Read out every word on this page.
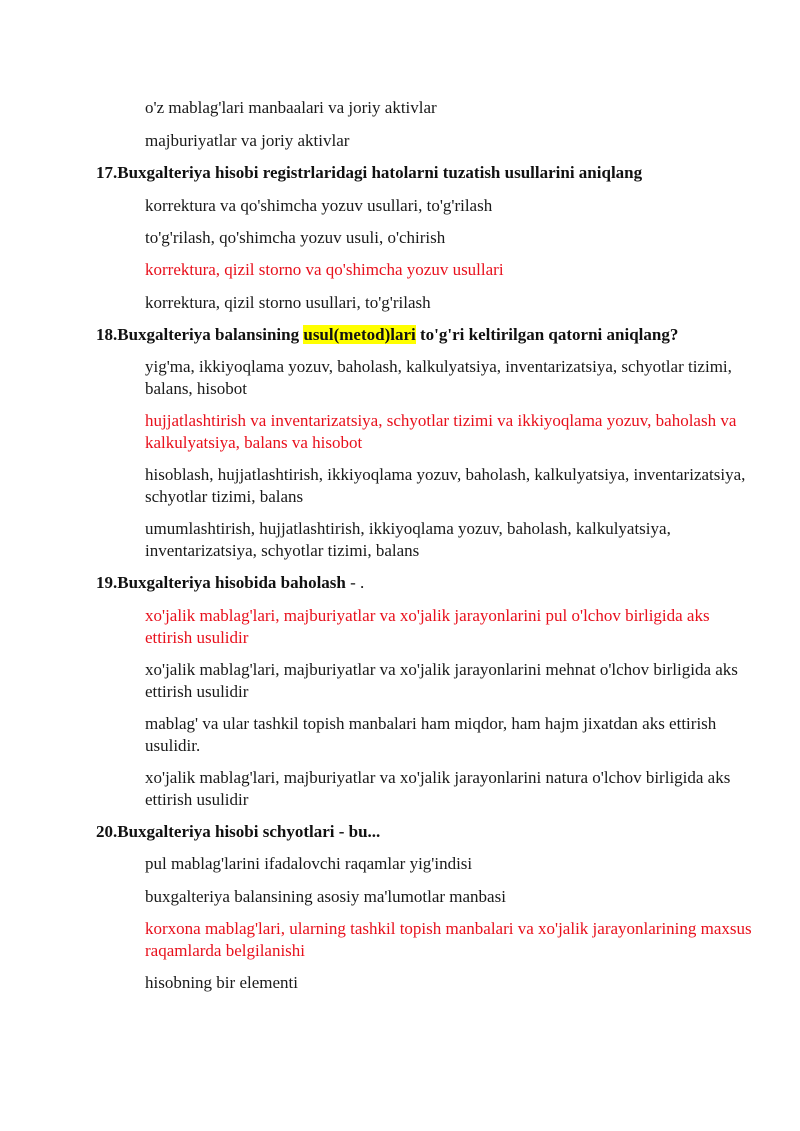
o'z mablag'lari manbaalari va joriy aktivlar

majburiyatlar va joriy aktivlar

17.Buxgalteriya hisobi registrlaridagi hatolarni tuzatish usullarini aniqlang

korrektura va qo'shimcha yozuv usullari, to'g'rilash

to'g'rilash, qo'shimcha yozuv usuli, o'chirish

korrektura, qizil storno va qo'shimcha yozuv usullari

korrektura, qizil storno usullari, to'g'rilash

18.Buxgalteriya balansining usul(metod)lari to'g'ri keltirilgan qatorni aniqlang?

yig'ma, ikkiyoqlama yozuv, baholash, kalkulyatsiya, inventarizatsiya, schyotlar tizimi, balans, hisobot

hujjatlashtirish va inventarizatsiya, schyotlar tizimi va ikkiyoqlama yozuv, baholash va kalkulyatsiya, balans va hisobot

hisoblash, hujjatlashtirish, ikkiyoqlama yozuv, baholash, kalkulyatsiya, inventarizatsiya, schyotlar tizimi, balans

umumlashtirish, hujjatlashtirish, ikkiyoqlama yozuv, baholash, kalkulyatsiya, inventarizatsiya, schyotlar tizimi, balans

19.Buxgalteriya hisobida baholash - .

xo'jalik mablag'lari, majburiyatlar va xo'jalik jarayonlarini pul o'lchov birligida aks ettirish usulidir

xo'jalik mablag'lari, majburiyatlar va xo'jalik jarayonlarini mehnat o'lchov birligida aks ettirish usulidir

mablag' va ular tashkil topish manbalari ham miqdor, ham hajm jixatdan aks ettirish usulidir.

xo'jalik mablag'lari, majburiyatlar va xo'jalik jarayonlarini natura o'lchov birligida aks ettirish usulidir

20.Buxgalteriya hisobi schyotlari - bu...

pul mablag'larini ifadalovchi raqamlar yig'indisi

buxgalteriya balansining asosiy ma'lumotlar manbasi

korxona mablag'lari, ularning tashkil topish manbalari va xo'jalik jarayonlarining maxsus raqamlarda belgilanishi

hisobning bir elementi
